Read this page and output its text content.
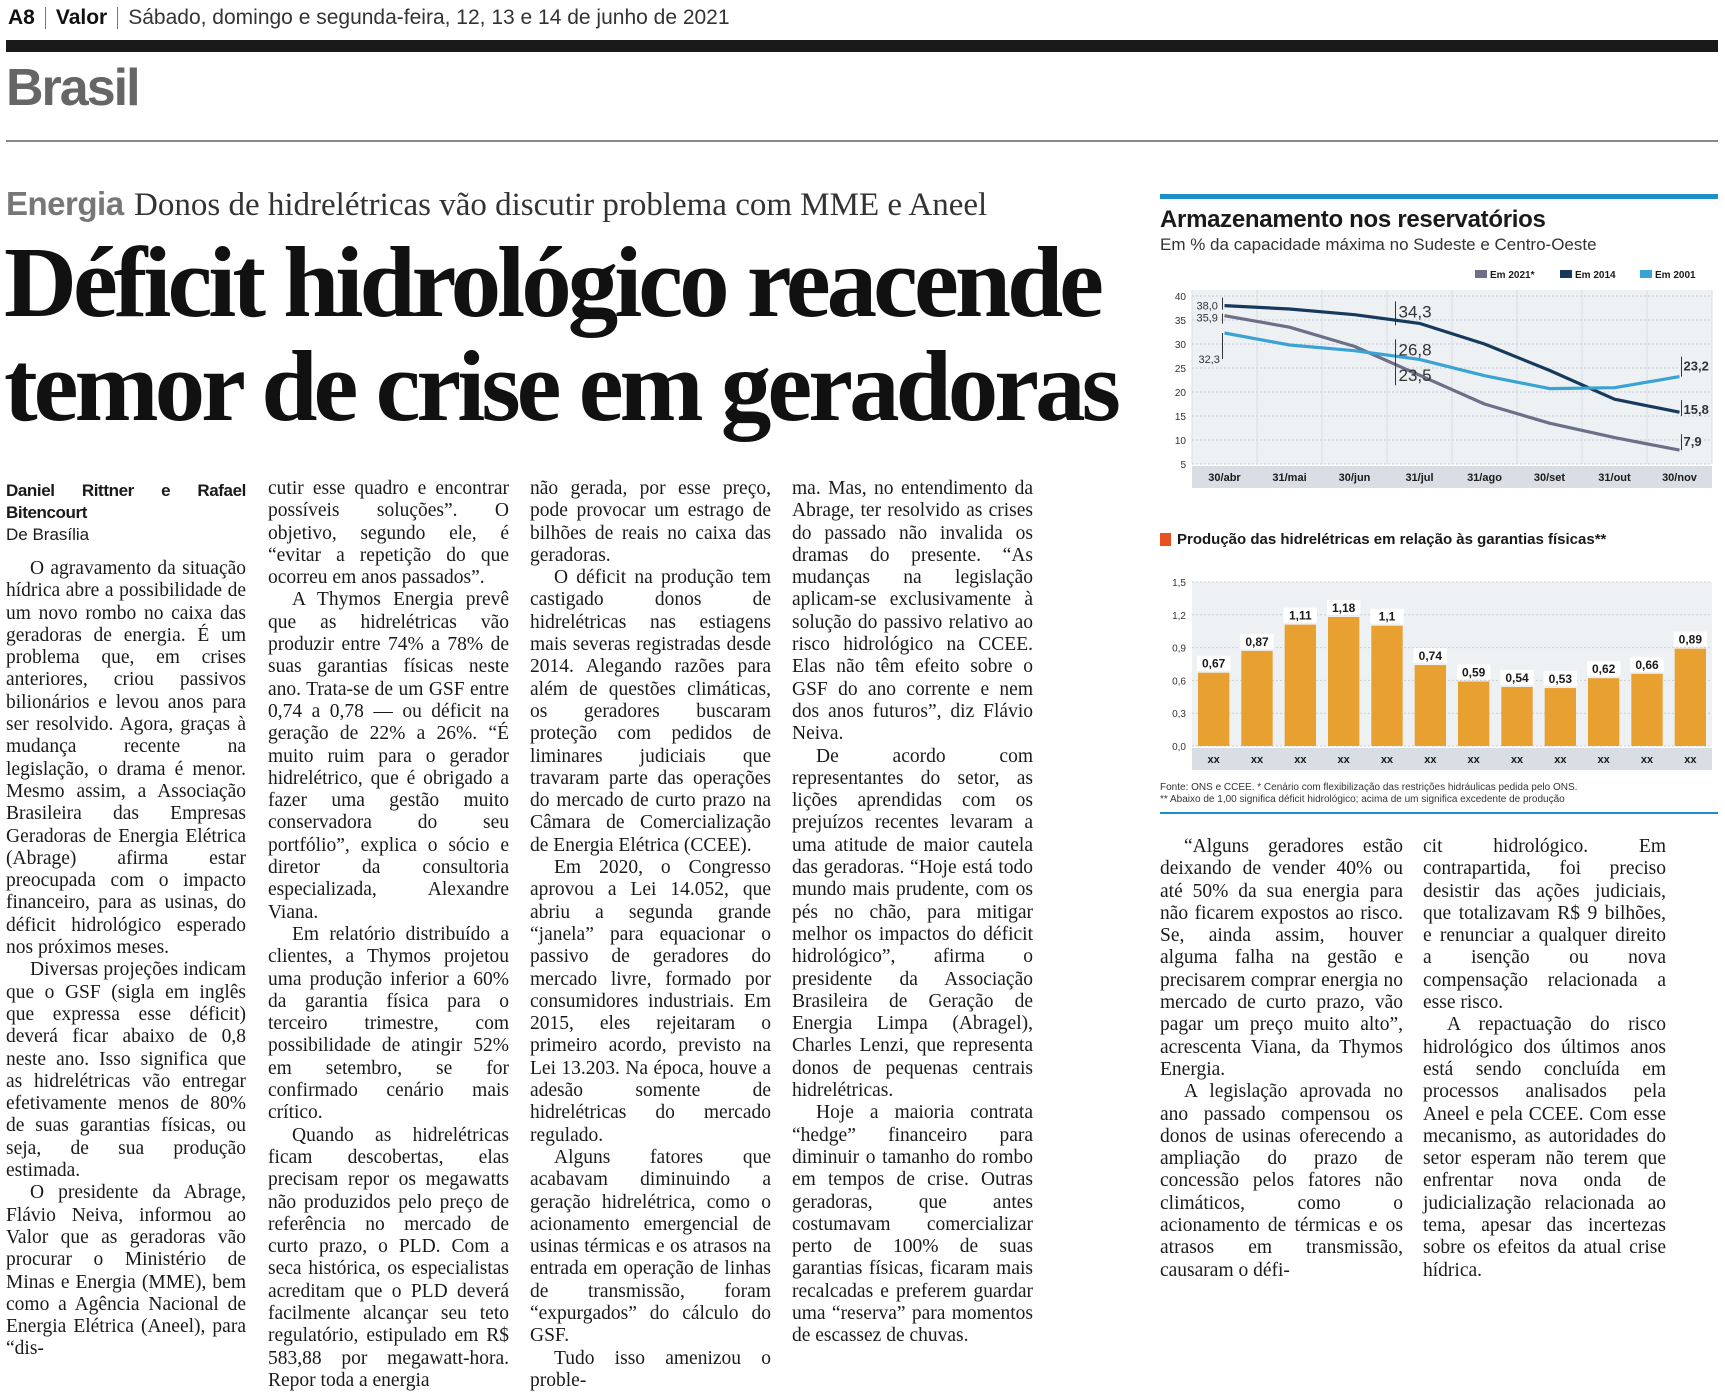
A8 Valor Sábado, domingo e segunda-feira, 12, 13 e 14 de junho de 2021
Brasil
Energia Donos de hidrelétricas vão discutir problema com MME e Aneel
Déficit hidrológico reacende temor de crise em geradoras

Daniel Rittner e Rafael Bitencourt

De Brasília

O agravamento da situação hídrica abre a possibilidade de um novo rombo no caixa das geradoras de energia. É um problema que, em crises anteriores, criou passivos bilionários e levou anos para ser resolvido. Agora, graças à mudança recente na legislação, o drama é menor. Mesmo assim, a Associação Brasileira das Empresas Geradoras de Energia Elétrica (Abrage) afirma estar preocupada com o impacto financeiro, para as usinas, do déficit hidrológico esperado nos próximos meses.

Diversas projeções indicam que o GSF (sigla em inglês que expressa esse déficit) deverá ficar abaixo de 0,8 neste ano. Isso significa que as hidrelétricas vão entregar efetivamente menos de 80% de suas garantias físicas, ou seja, de sua produção estimada.

O presidente da Abrage, Flávio Neiva, informou ao Valor que as geradoras vão procurar o Ministério de Minas e Energia (MME), bem como a Agência Nacional de Energia Elétrica (Aneel), para “dis-

cutir esse quadro e encontrar possíveis soluções”. O objetivo, segundo ele, é “evitar a repetição do que ocorreu em anos passados”.

A Thymos Energia prevê que as hidrelétricas vão produzir entre 74% a 78% de suas garantias físicas neste ano. Trata-se de um GSF entre 0,74 a 0,78 — ou déficit na geração de 22% a 26%. “É muito ruim para o gerador hidrelétrico, que é obrigado a fazer uma gestão muito conservadora do seu portfólio”, explica o sócio e diretor da consultoria especializada, Alexandre Viana.

Em relatório distribuído a clientes, a Thymos projetou uma produção inferior a 60% da garantia física para o terceiro trimestre, com possibilidade de atingir 52% em setembro, se for confirmado cenário mais crítico.

Quando as hidrelétricas ficam descobertas, elas precisam repor os megawatts não produzidos pelo preço de referência no mercado de curto prazo, o PLD. Com a seca histórica, os especialistas acreditam que o PLD deverá facilmente alcançar seu teto regulatório, estipulado em R$ 583,88 por megawatt-hora. Repor toda a energia

não gerada, por esse preço, pode provocar um estrago de bilhões de reais no caixa das geradoras.

O déficit na produção tem castigado donos de hidrelétricas nas estiagens mais severas registradas desde 2014. Alegando razões para além de questões climáticas, os geradores buscaram proteção com pedidos de liminares judiciais que travaram parte das operações do mercado de curto prazo na Câmara de Comercialização de Energia Elétrica (CCEE).

Em 2020, o Congresso aprovou a Lei 14.052, que abriu a segunda grande “janela” para equacionar o passivo de geradores do mercado livre, formado por consumidores industriais. Em 2015, eles rejeitaram o primeiro acordo, previsto na Lei 13.203. Na época, houve a adesão somente de hidrelétricas do mercado regulado.

Alguns fatores que acabavam diminuindo a geração hidrelétrica, como o acionamento emergencial de usinas térmicas e os atrasos na entrada em operação de linhas de transmissão, foram “expurgados” do cálculo do GSF.

Tudo isso amenizou o proble-

ma. Mas, no entendimento da Abrage, ter resolvido as crises do passado não invalida os dramas do presente. “As mudanças na legislação aplicam-se exclusivamente à solução do passivo relativo ao risco hidrológico na CCEE. Elas não têm efeito sobre o GSF do ano corrente e nem dos anos futuros”, diz Flávio Neiva.

De acordo com representantes do setor, as lições aprendidas com os prejuízos recentes levaram a uma atitude de maior cautela das geradoras. “Hoje está todo mundo mais prudente, com os pés no chão, para mitigar melhor os impactos do déficit hidrológico”, afirma o presidente da Associação Brasileira de Geração de Energia Limpa (Abragel), Charles Lenzi, que representa donos de pequenas centrais hidrelétricas.

Hoje a maioria contrata “hedge” financeiro para diminuir o tamanho do rombo em tempos de crise. Outras geradoras, que antes costumavam comercializar perto de 100% de suas garantias físicas, ficaram mais recalcadas e preferem guardar uma “reserva” para momentos de escassez de chuvas.

“Alguns geradores estão deixando de vender 40% ou até 50% da sua energia para não ficarem expostos ao risco. Se, ainda assim, houver alguma falha na gestão e precisarem comprar energia no mercado de curto prazo, vão pagar um preço muito alto”, acrescenta Viana, da Thymos Energia.

A legislação aprovada no ano passado compensou os donos de usinas oferecendo a ampliação do prazo de concessão pelos fatores não climáticos, como o acionamento de térmicas e os atrasos em transmissão, causaram o défi-

cit hidrológico. Em contrapartida, foi preciso desistir das ações judiciais, que totalizavam R$ 9 bilhões, e renunciar a qualquer direito a isenção ou nova compensação relacionada a esse risco.

A repactuação do risco hidrológico dos últimos anos está sendo concluída em processos analisados pela Aneel e pela CCEE. Com esse mecanismo, as autoridades do setor esperam não terem que enfrentar nova onda de judicialização relacionada ao tema, apesar das incertezas sobre os efeitos da atual crise hídrica.

Armazenamento nos reservatórios
Em % da capacidade máxima no Sudeste e Centro-Oeste
5
10
15
20
25
30
35
40
30/abr	31/mai	30/jun	31/jul	31/ago	30/set	31/out	30/nov
Em 2021*	Em 2014	Em 2001
38,0
35,9
32,3
34,3
26,8
23,5
23,2
15,8
7,9
Produção das hidrelétricas em relação às garantias físicas**
0,0
0,3
0,6
0,9
1,2
1,5
0,67
xx
0,87
xx
1,11
xx
1,18
xx
1,1
xx
0,74
xx
0,59
xx
0,54
xx
0,53
xx
0,62
xx
0,66
xx
0,89
xx
Fonte: ONS e CCEE. * Cenário com flexibilização das restrições hidráulicas pedida pelo ONS.
** Abaixo de 1,00 significa déficit hidrológico; acima de um significa excedente de produção
